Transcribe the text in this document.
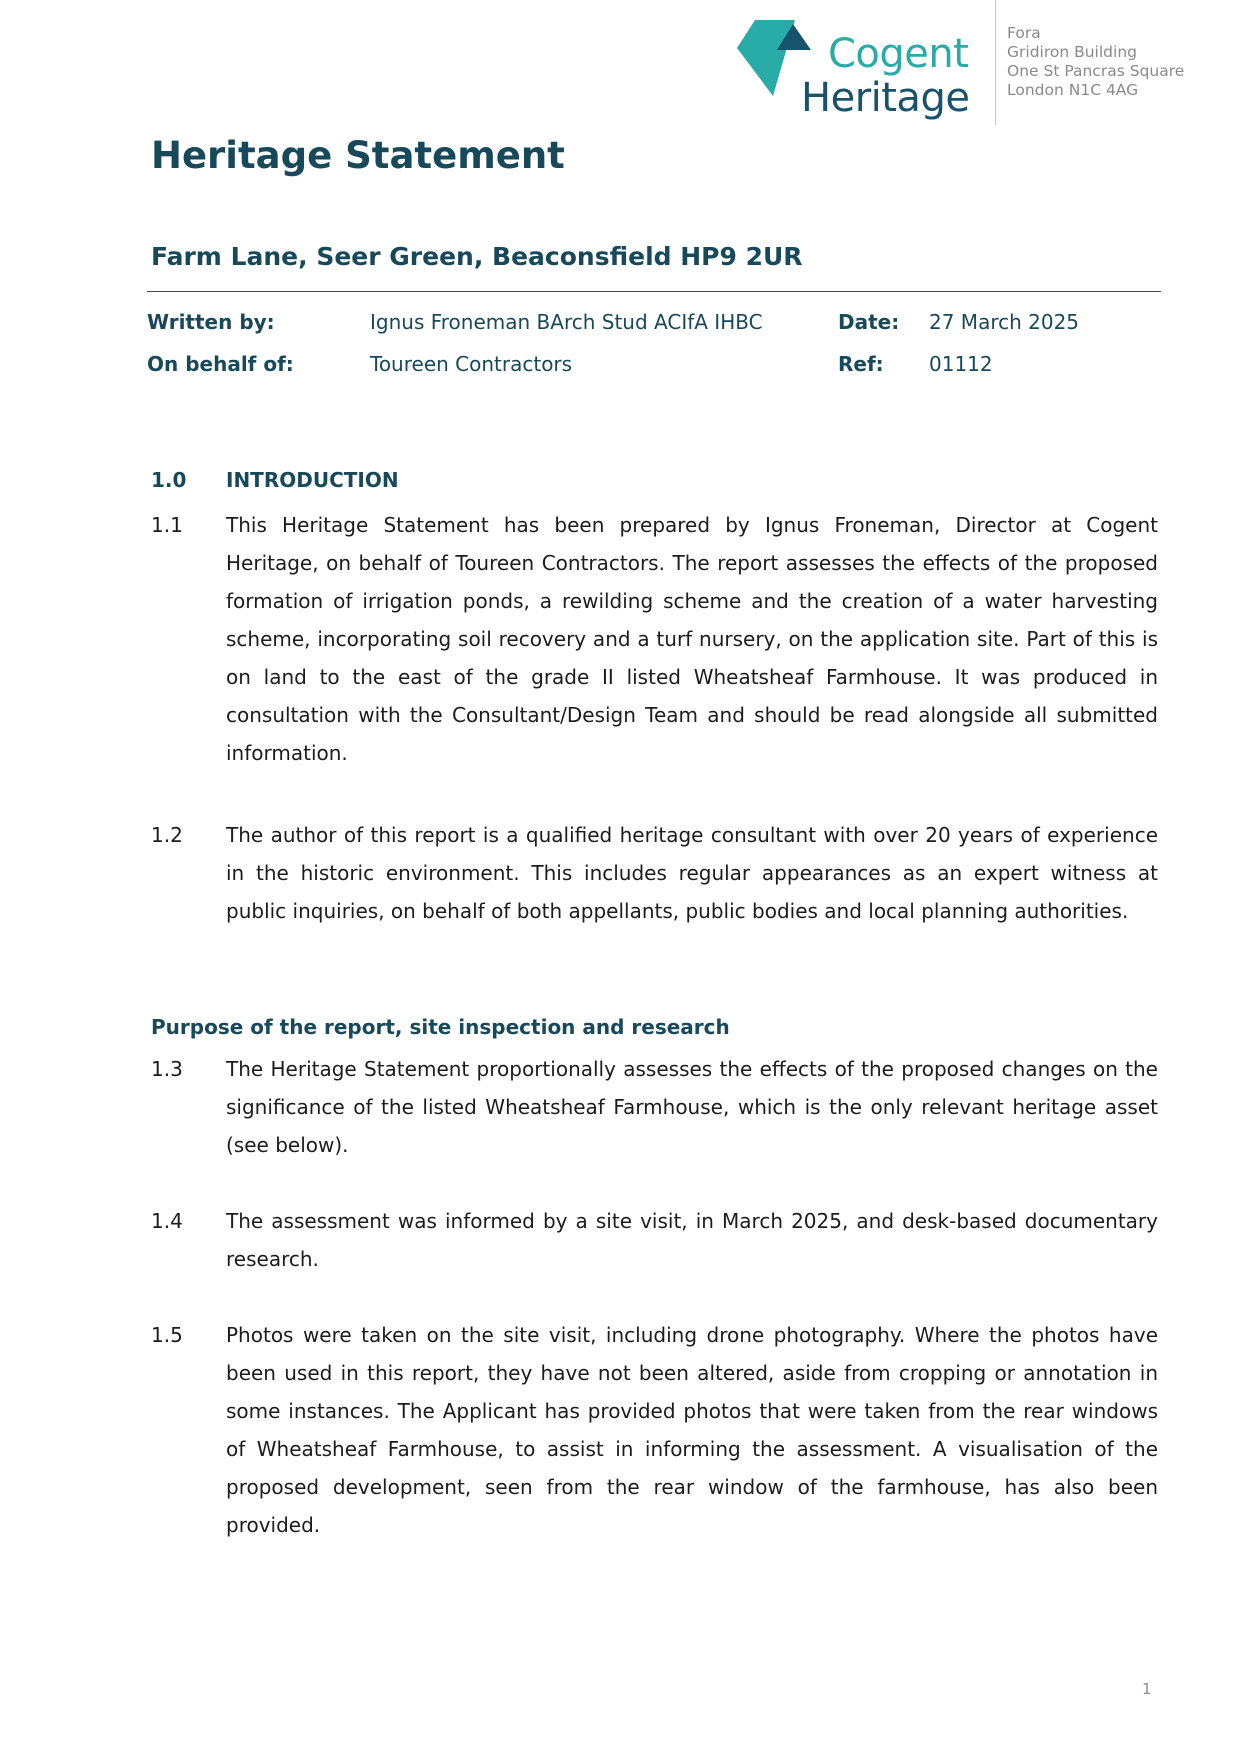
Cogent
Heritage
Fora
Gridiron Building
One St Pancras Square
London N1C 4AG
Heritage Statement
Farm Lane, Seer Green, Beaconsfield HP9 2UR
Written by:	Ignus Froneman BArch Stud ACIfA IHBC	Date: 27 March 2025
On behalf of:	Toureen Contractors	Ref: 01112
1.0 INTRODUCTION
1.1 This Heritage Statement has been prepared by Ignus Froneman, Director at Cogent Heritage, on behalf of Toureen Contractors. The report assesses the effects of the proposed formation of irrigation ponds, a rewilding scheme and the creation of a water harvesting scheme, incorporating soil recovery and a turf nursery, on the application site. Part of this is on land to the east of the grade II listed Wheatsheaf Farmhouse. It was produced in consultation with the Consultant/Design Team and should be read alongside all submitted information.

1.2 The author of this report is a qualified heritage consultant with over 20 years of experience in the historic environment. This includes regular appearances as an expert witness at public inquiries, on behalf of both appellants, public bodies and local planning authorities.

Purpose of the report, site inspection and research
1.3 The Heritage Statement proportionally assesses the effects of the proposed changes on the significance of the listed Wheatsheaf Farmhouse, which is the only relevant heritage asset (see below).

1.4 The assessment was informed by a site visit, in March 2025, and desk-based documentary research.

1.5 Photos were taken on the site visit, including drone photography. Where the photos have been used in this report, they have not been altered, aside from cropping or annotation in some instances. The Applicant has provided photos that were taken from the rear windows of Wheatsheaf Farmhouse, to assist in informing the assessment. A visualisation of the proposed development, seen from the rear window of the farmhouse, has also been provided.

1
